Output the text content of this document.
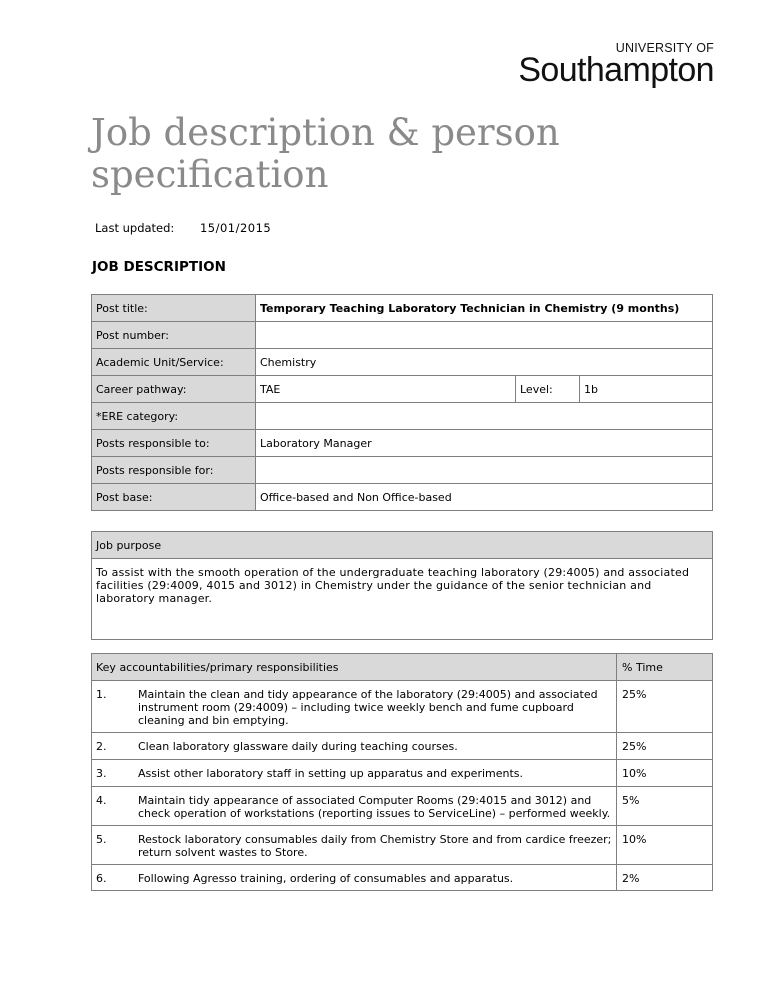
UNIVERSITY OF
Southampton
Job description & person specification
Last updated: 15/01/2015
JOB DESCRIPTION
Post title:	Temporary Teaching Laboratory Technician in Chemistry (9 months)		
Post number:			
Academic Unit/Service:	Chemistry		
Career pathway:	TAE	Level:	1b
*ERE category:			
Posts responsible to:	Laboratory Manager		
Posts responsible for:			
Post base:	Office-based and Non Office-based		
Job purpose
To assist with the smooth operation of the undergraduate teaching laboratory (29:4005) and associated facilities (29:4009, 4015 and 3012) in Chemistry under the guidance of the senior technician and laboratory manager.
Key accountabilities/primary responsibilities		% Time
1.	Maintain the clean and tidy appearance of the laboratory (29:4005) and associated instrument room (29:4009) – including twice weekly bench and fume cupboard cleaning and bin emptying.	25%
2.	Clean laboratory glassware daily during teaching courses.	25%
3.	Assist other laboratory staff in setting up apparatus and experiments.	10%
4.	Maintain tidy appearance of associated Computer Rooms (29:4015 and 3012) and check operation of workstations (reporting issues to ServiceLine) – performed weekly.	5%
5.	Restock laboratory consumables daily from Chemistry Store and from cardice freezer; return solvent wastes to Store.	10%
6.	Following Agresso training, ordering of consumables and apparatus.	2%
